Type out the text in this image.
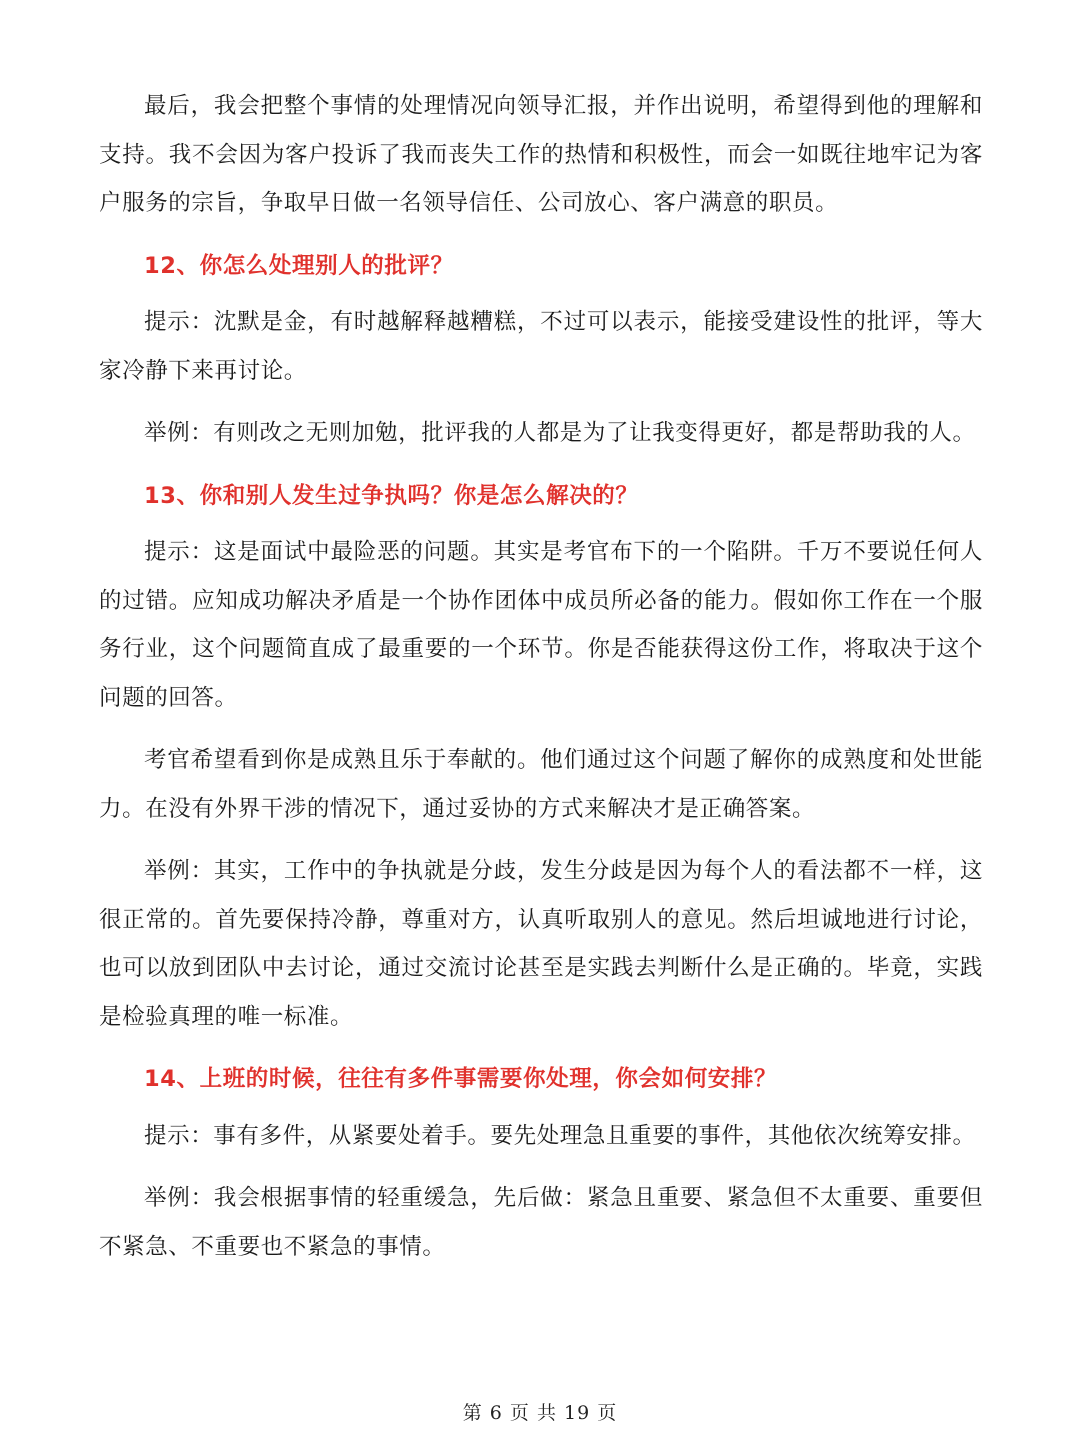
最后，我会把整个事情的处理情况向领导汇报，并作出说明，希望得到他的理解和支持。我不会因为客户投诉了我而丧失工作的热情和积极性，而会一如既往地牢记为客户服务的宗旨，争取早日做一名领导信任、公司放心、客户满意的职员。

12、你怎么处理别人的批评？

提示：沈默是金，有时越解释越糟糕，不过可以表示，能接受建设性的批评，等大家冷静下来再讨论。

举例：有则改之无则加勉，批评我的人都是为了让我变得更好，都是帮助我的人。

13、你和别人发生过争执吗？你是怎么解决的？

提示：这是面试中最险恶的问题。其实是考官布下的一个陷阱。千万不要说任何人的过错。应知成功解决矛盾是一个协作团体中成员所必备的能力。假如你工作在一个服务行业，这个问题简直成了最重要的一个环节。你是否能获得这份工作，将取决于这个问题的回答。

考官希望看到你是成熟且乐于奉献的。他们通过这个问题了解你的成熟度和处世能力。在没有外界干涉的情况下，通过妥协的方式来解决才是正确答案。

举例：其实，工作中的争执就是分歧，发生分歧是因为每个人的看法都不一样，这很正常的。首先要保持冷静，尊重对方，认真听取别人的意见。然后坦诚地进行讨论，也可以放到团队中去讨论，通过交流讨论甚至是实践去判断什么是正确的。毕竟，实践是检验真理的唯一标准。

14、上班的时候，往往有多件事需要你处理，你会如何安排？

提示：事有多件，从紧要处着手。要先处理急且重要的事件，其他依次统筹安排。

举例：我会根据事情的轻重缓急，先后做：紧急且重要、紧急但不太重要、重要但不紧急、不重要也不紧急的事情。

第 6 页 共 19 页
